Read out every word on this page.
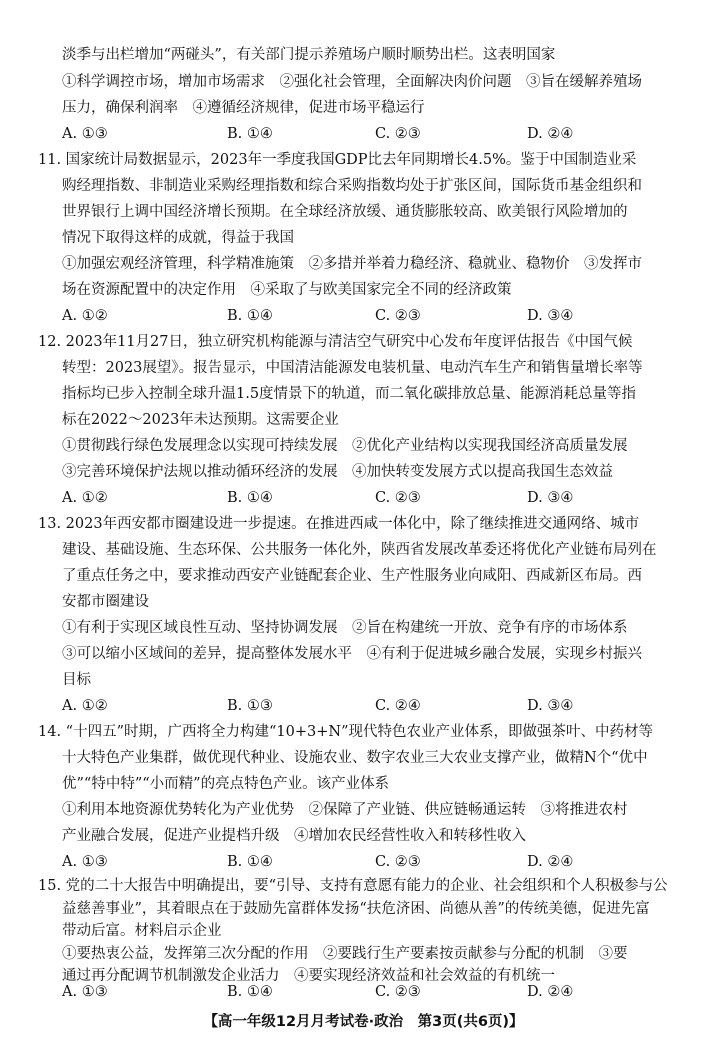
淡季与出栏增加“两碰头”，有关部门提示养殖场户顺时顺势出栏。这表明国家
①科学调控市场，增加市场需求　②强化社会管理，全面解决肉价问题　③旨在缓解养殖场
压力，确保利润率　④遵循经济规律，促进市场平稳运行
A. ①③	B. ①④	C. ②③	D. ②④
11. 国家统计局数据显示，2023年一季度我国GDP比去年同期增长4.5%。鉴于中国制造业采
购经理指数、非制造业采购经理指数和综合采购指数均处于扩张区间，国际货币基金组织和
世界银行上调中国经济增长预期。在全球经济放缓、通货膨胀较高、欧美银行风险增加的
情况下取得这样的成就，得益于我国
①加强宏观经济管理，科学精准施策　②多措并举着力稳经济、稳就业、稳物价　③发挥市
场在资源配置中的决定作用　④采取了与欧美国家完全不同的经济政策
A. ①②	B. ①④	C. ②③	D. ③④
12. 2023年11月27日，独立研究机构能源与清洁空气研究中心发布年度评估报告《中国气候
转型：2023展望》。报告显示，中国清洁能源发电装机量、电动汽车生产和销售量增长率等
指标均已步入控制全球升温1.5度情景下的轨道，而二氧化碳排放总量、能源消耗总量等指
标在2022～2023年未达预期。这需要企业
①贯彻践行绿色发展理念以实现可持续发展　②优化产业结构以实现我国经济高质量发展
③完善环境保护法规以推动循环经济的发展　④加快转变发展方式以提高我国生态效益
A. ①②	B. ①④	C. ②③	D. ③④
13. 2023年西安都市圈建设进一步提速。在推进西咸一体化中，除了继续推进交通网络、城市
建设、基础设施、生态环保、公共服务一体化外，陕西省发展改革委还将优化产业链布局列在
了重点任务之中，要求推动西安产业链配套企业、生产性服务业向咸阳、西咸新区布局。西
安都市圈建设
①有利于实现区域良性互动、坚持协调发展　②旨在构建统一开放、竞争有序的市场体系
③可以缩小区域间的差异，提高整体发展水平　④有利于促进城乡融合发展，实现乡村振兴
目标
A. ①②	B. ①③	C. ②④	D. ③④
14. “十四五”时期，广西将全力构建“10+3+N”现代特色农业产业体系，即做强茶叶、中药材等
十大特色产业集群，做优现代种业、设施农业、数字农业三大农业支撑产业，做精N个“优中
优”“特中特”“小而精”的亮点特色产业。该产业体系
①利用本地资源优势转化为产业优势　②保障了产业链、供应链畅通运转　③将推进农村
产业融合发展，促进产业提档升级　④增加农民经营性收入和转移性收入
A. ①③	B. ①④	C. ②③	D. ②④
15. 党的二十大报告中明确提出，要“引导、支持有意愿有能力的企业、社会组织和个人积极参与公
益慈善事业”，其着眼点在于鼓励先富群体发扬“扶危济困、尚德从善”的传统美德，促进先富
带动后富。材料启示企业
①要热衷公益，发挥第三次分配的作用　②要践行生产要素按贡献参与分配的机制　③要
通过再分配调节机制激发企业活力　④要实现经济效益和社会效益的有机统一
【高一年级12月月考试卷·政治　第3页(共6页)】
A. ①③	B. ①④	C. ②③	D. ②④
